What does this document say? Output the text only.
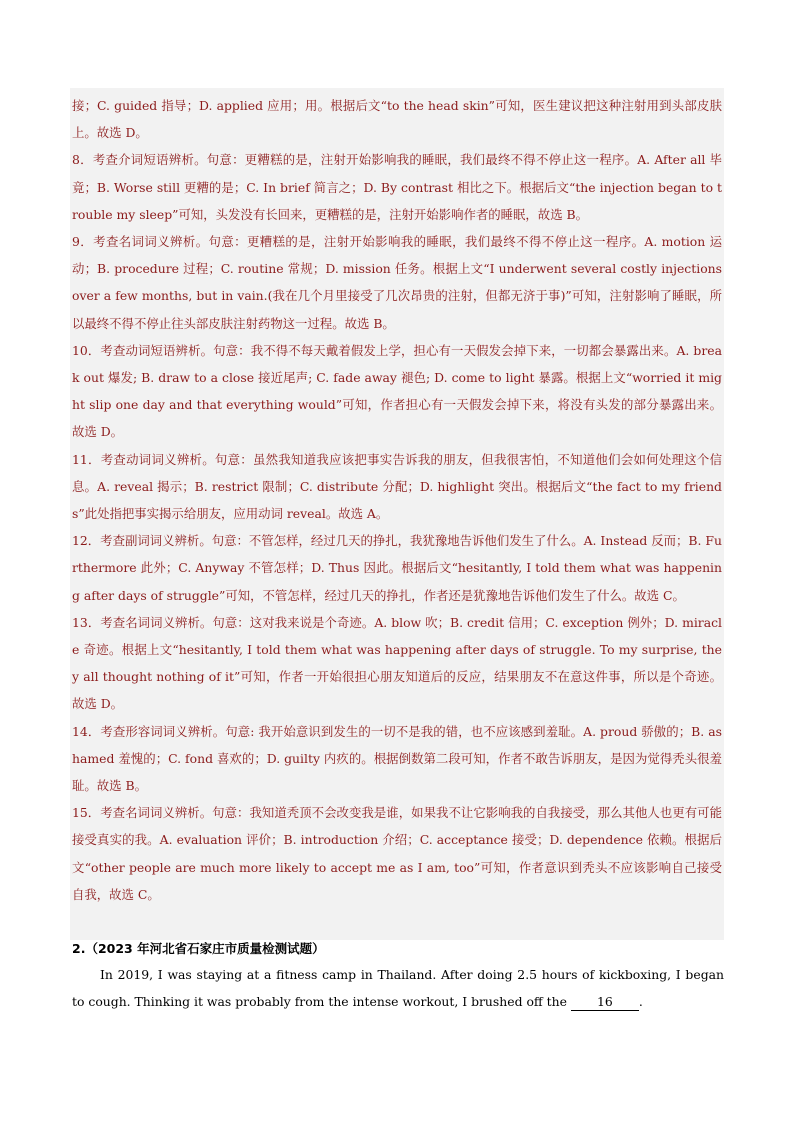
接；C. guided 指导；D. applied 应用；用。根据后文“to the head skin”可知，医生建议把这种注射用到头部皮肤上。故选 D。

8．考查介词短语辨析。句意：更糟糕的是，注射开始影响我的睡眠，我们最终不得不停止这一程序。A. After all 毕竟；B. Worse still 更糟的是；C. In brief 简言之；D. By contrast 相比之下。根据后文“the injection began to trouble my sleep”可知，头发没有长回来，更糟糕的是，注射开始影响作者的睡眠，故选 B。

9．考查名词词义辨析。句意：更糟糕的是，注射开始影响我的睡眠，我们最终不得不停止这一程序。A. motion 运动；B. procedure 过程；C. routine 常规；D. mission 任务。根据上文“I underwent several costly injections over a few months, but in vain.(我在几个月里接受了几次昂贵的注射，但都无济于事)”可知，注射影响了睡眠，所以最终不得不停止往头部皮肤注射药物这一过程。故选 B。

10．考查动词短语辨析。句意：我不得不每天戴着假发上学，担心有一天假发会掉下来，一切都会暴露出来。A. break out 爆发; B. draw to a close 接近尾声; C. fade away 褪色; D. come to light 暴露。根据上文“worried it might slip one day and that everything would”可知，作者担心有一天假发会掉下来，将没有头发的部分暴露出来。故选 D。

11．考查动词词义辨析。句意：虽然我知道我应该把事实告诉我的朋友，但我很害怕，不知道他们会如何处理这个信息。A. reveal 揭示；B. restrict 限制；C. distribute 分配；D. highlight 突出。根据后文“the fact to my friends”此处指把事实揭示给朋友，应用动词 reveal。故选 A。

12．考查副词词义辨析。句意：不管怎样，经过几天的挣扎，我犹豫地告诉他们发生了什么。A. Instead 反而；B. Furthermore 此外；C. Anyway 不管怎样；D. Thus 因此。根据后文“hesitantly, I told them what was happening after days of struggle”可知，不管怎样，经过几天的挣扎，作者还是犹豫地告诉他们发生了什么。故选 C。

13．考查名词词义辨析。句意：这对我来说是个奇迹。A. blow 吹；B. credit 信用；C. exception 例外；D. miracle 奇迹。根据上文“hesitantly, I told them what was happening after days of struggle. To my surprise, they all thought nothing of it”可知，作者一开始很担心朋友知道后的反应，结果朋友不在意这件事，所以是个奇迹。故选 D。

14．考查形容词词义辨析。句意: 我开始意识到发生的一切不是我的错，也不应该感到羞耻。A. proud 骄傲的；B. ashamed 羞愧的；C. fond 喜欢的；D. guilty 内疚的。根据倒数第二段可知，作者不敢告诉朋友，是因为觉得秃头很羞耻。故选 B。

15．考查名词词义辨析。句意：我知道秃顶不会改变我是谁，如果我不让它影响我的自我接受，那么其他人也更有可能接受真实的我。A. evaluation 评价；B. introduction 介绍；C. acceptance 接受；D. dependence 依赖。根据后文“other people are much more likely to accept me as I am, too”可知，作者意识到秃头不应该影响自己接受自我，故选 C。

2.（2023 年河北省石家庄市质量检测试题）

In 2019, I was staying at a fitness camp in Thailand. After doing 2.5 hours of kickboxing, I began to cough. Thinking it was probably from the intense workout, I brushed off the 16 .
